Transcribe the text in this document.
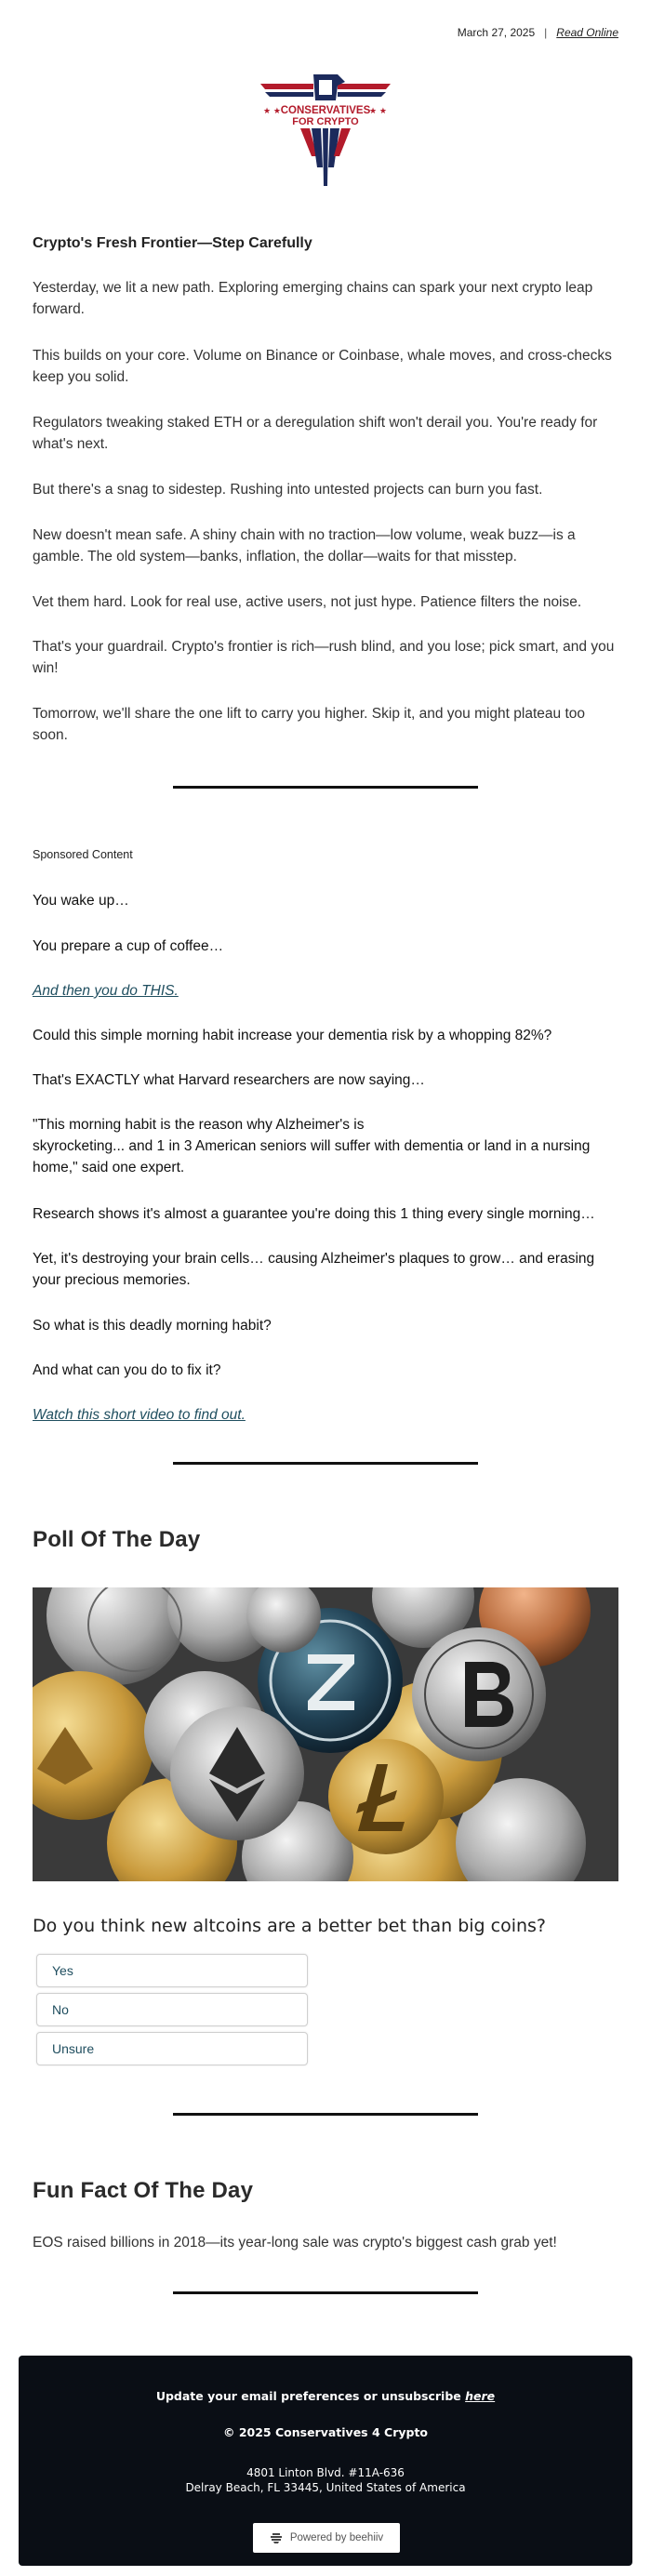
March 27, 2025 | Read Online
★ ★	★ ★
CONSERVATIVES
FOR CRYPTO
Crypto's Fresh Frontier—Step Carefully
Yesterday, we lit a new path. Exploring emerging chains can spark your next crypto leap forward.
This builds on your core. Volume on Binance or Coinbase, whale moves, and cross-checks keep you solid.
Regulators tweaking staked ETH or a deregulation shift won't derail you. You're ready for what's next.
But there's a snag to sidestep. Rushing into untested projects can burn you fast.
New doesn't mean safe. A shiny chain with no traction—low volume, weak buzz—is a gamble. The old system—banks, inflation, the dollar—waits for that misstep.
Vet them hard. Look for real use, active users, not just hype. Patience filters the noise.
That's your guardrail. Crypto's frontier is rich—rush blind, and you lose; pick smart, and you win!
Tomorrow, we'll share the one lift to carry you higher. Skip it, and you might plateau too soon.
Sponsored Content
You wake up…
You prepare a cup of coffee…
And then you do THIS.
Could this simple morning habit increase your dementia risk by a whopping 82%?
That's EXACTLY what Harvard researchers are now saying…
"This morning habit is the reason why Alzheimer's is
skyrocketing... and 1 in 3 American seniors will suffer with dementia or land in a nursing
home," said one expert.
Research shows it's almost a guarantee you're doing this 1 thing every single morning…
Yet, it's destroying your brain cells… causing Alzheimer's plaques to grow… and erasing your precious memories.
So what is this deadly morning habit?
And what can you do to fix it?
Watch this short video to find out.
Poll Of The Day
Do you think new altcoins are a better bet than big coins?
Yes
No
Unsure
Fun Fact Of The Day
EOS raised billions in 2018—its year-long sale was crypto's biggest cash grab yet!
Update your email preferences or unsubscribe here
© 2025 Conservatives 4 Crypto
4801 Linton Blvd. #11A-636
Delray Beach, FL 33445, United States of America
Powered by beehiiv
